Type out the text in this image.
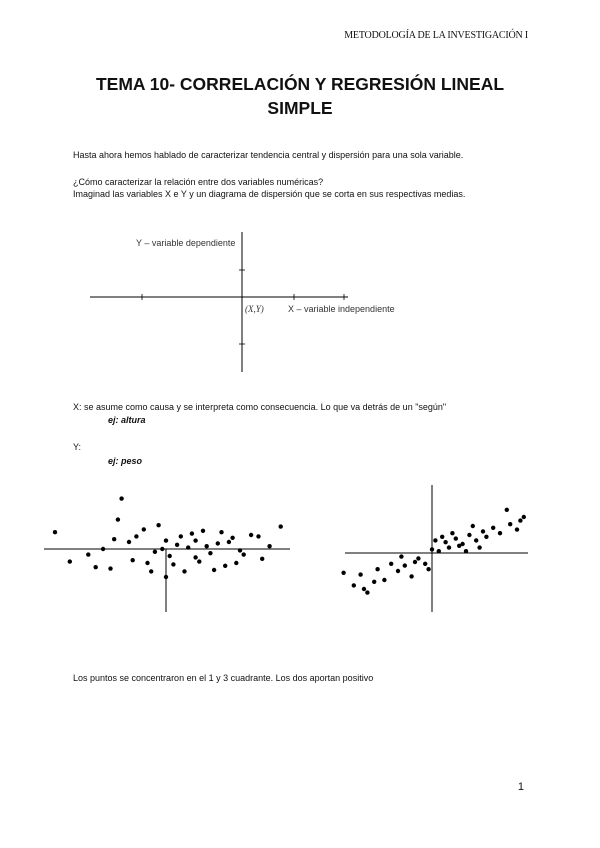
METODOLOGÍA DE LA INVESTIGACIÓN I
TEMA 10- CORRELACIÓN Y REGRESIÓN LINEAL
SIMPLE
Hasta ahora hemos hablado de caracterizar tendencia central y dispersión para una sola variable.
¿Cómo caracterizar la relación entre dos variables numéricas?
Imaginad las variables X e Y y un diagrama de dispersión que se corta en sus respectivas medias.
Y – variable dependiente
X – variable independiente
(X,Y)
X: se asume como causa y se interpreta como consecuencia. Lo que va detrás de un "según"
ej: altura
Y:
ej: peso
Los puntos se concentraron en el 1 y 3 cuadrante. Los dos aportan positivo
1
